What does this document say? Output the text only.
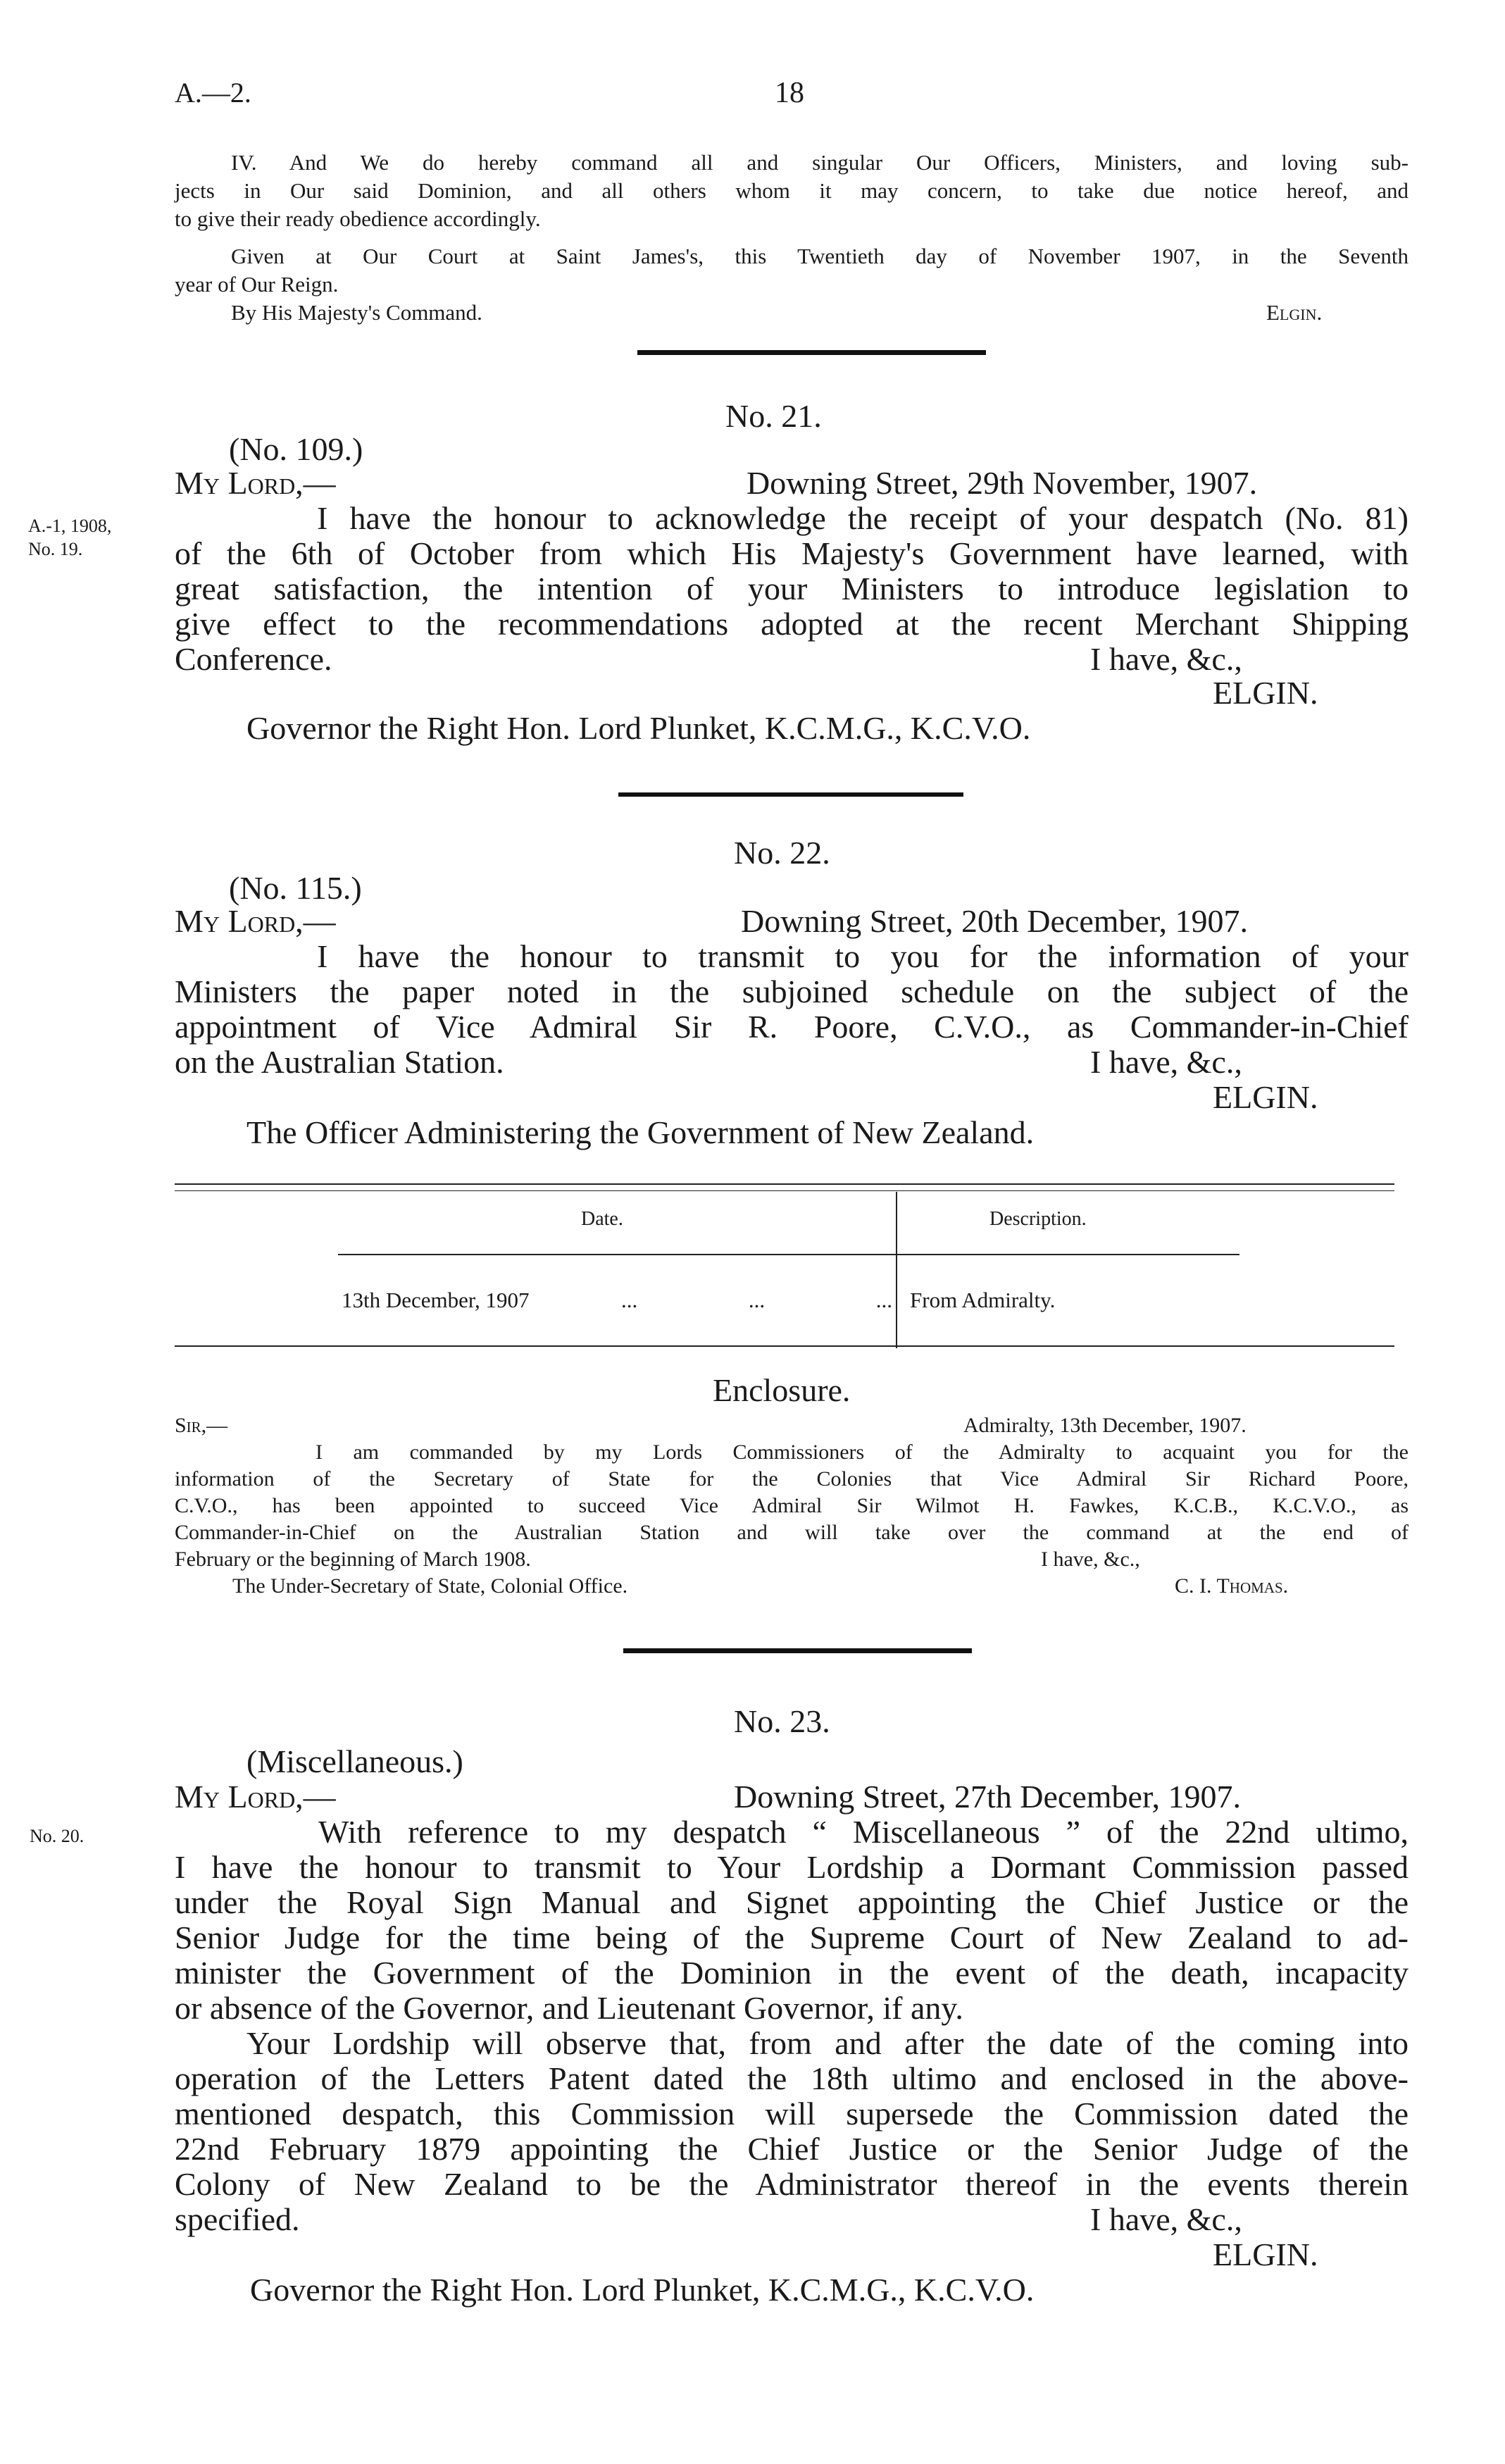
A.—2.	18
IV. And We do hereby command all and singular Our Officers, Ministers, and loving sub-
jects in Our said Dominion, and all others whom it may concern, to take due notice hereof, and
to give their ready obedience accordingly.
Given at Our Court at Saint James's, this Twentieth day of November 1907, in the Seventh
year of Our Reign.
By His Majesty's Command.	Elgin.
No. 21.
(No. 109.)
My Lord,—	Downing Street, 29th November, 1907.
A.-1, 1908,
No. 19.
I have the honour to acknowledge the receipt of your despatch (No. 81)
of the 6th of October from which His Majesty's Government have learned, with
great satisfaction, the intention of your Ministers to introduce legislation to
give effect to the recommendations adopted at the recent Merchant Shipping
Conference.	I have, &c.,
ELGIN.
Governor the Right Hon. Lord Plunket, K.C.M.G., K.C.V.O.
No. 22.
(No. 115.)
My Lord,—	Downing Street, 20th December, 1907.
I have the honour to transmit to you for the information of your
Ministers the paper noted in the subjoined schedule on the subject of the
appointment of Vice Admiral Sir R. Poore, C.V.O., as Commander-in-Chief
on the Australian Station.	I have, &c.,
ELGIN.
The Officer Administering the Government of New Zealand.
Date.	Description.
13th December, 1907	... ... ... From Admiralty.
Enclosure.
Sir,—	Admiralty, 13th December, 1907.
I am commanded by my Lords Commissioners of the Admiralty to acquaint you for the
information of the Secretary of State for the Colonies that Vice Admiral Sir Richard Poore,
C.V.O., has been appointed to succeed Vice Admiral Sir Wilmot H. Fawkes, K.C.B., K.C.V.O., as
Commander-in-Chief on the Australian Station and will take over the command at the end of
February or the beginning of March 1908.	I have, &c.,
The Under-Secretary of State, Colonial Office.	C. I. Thomas.
No. 23.
(Miscellaneous.)
My Lord,—	Downing Street, 27th December, 1907.
No. 20.	With reference to my despatch “ Miscellaneous ” of the 22nd ultimo,
I have the honour to transmit to Your Lordship a Dormant Commission passed
under the Royal Sign Manual and Signet appointing the Chief Justice or the
Senior Judge for the time being of the Supreme Court of New Zealand to ad-
minister the Government of the Dominion in the event of the death, incapacity
or absence of the Governor, and Lieutenant Governor, if any.
Your Lordship will observe that, from and after the date of the coming into
operation of the Letters Patent dated the 18th ultimo and enclosed in the above-
mentioned despatch, this Commission will supersede the Commission dated the
22nd February 1879 appointing the Chief Justice or the Senior Judge of the
Colony of New Zealand to be the Administrator thereof in the events therein
specified.	I have, &c.,
ELGIN.
Governor the Right Hon. Lord Plunket, K.C.M.G., K.C.V.O.
